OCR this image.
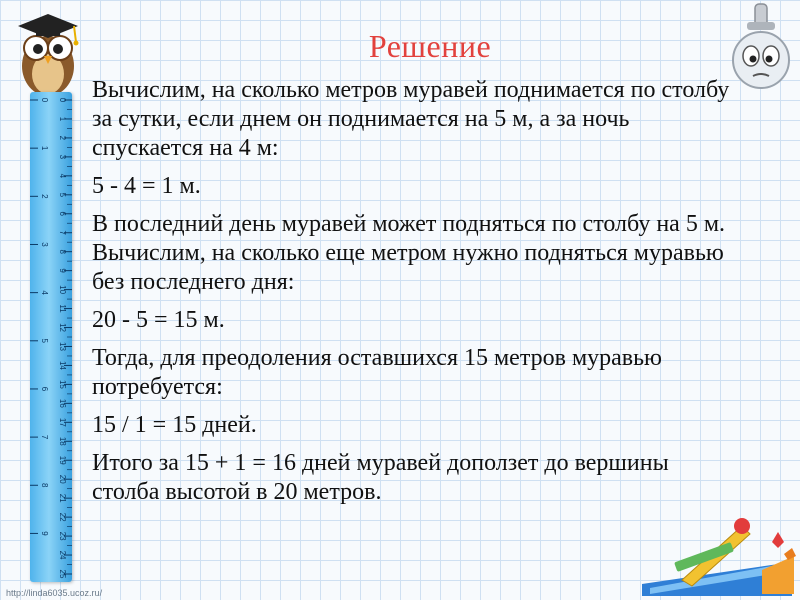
0
1
2
3
4
5
6
7
8
9
10
11
12
13
14
15
16
17
18
19
20
21
22
23
24
25
0
1
2
3
4
5
6
7
8
9
Решение

Вычислим, на сколько метров муравей поднимается по столбу за сутки, если днем он поднимается на 5 м, а за ночь спускается на 4 м:

5 - 4 = 1 м.

В последний день муравей может подняться по столбу на 5 м. Вычислим, на сколько еще метром нужно подняться муравью без последнего дня:

20 - 5 = 15 м.

Тогда, для преодоления оставшихся 15 метров муравью потребуется:

15 / 1 = 15 дней.

Итого за 15 + 1 = 16 дней муравей доползет до вершины столба высотой в 20 метров.

http://linda6035.ucoz.ru/
